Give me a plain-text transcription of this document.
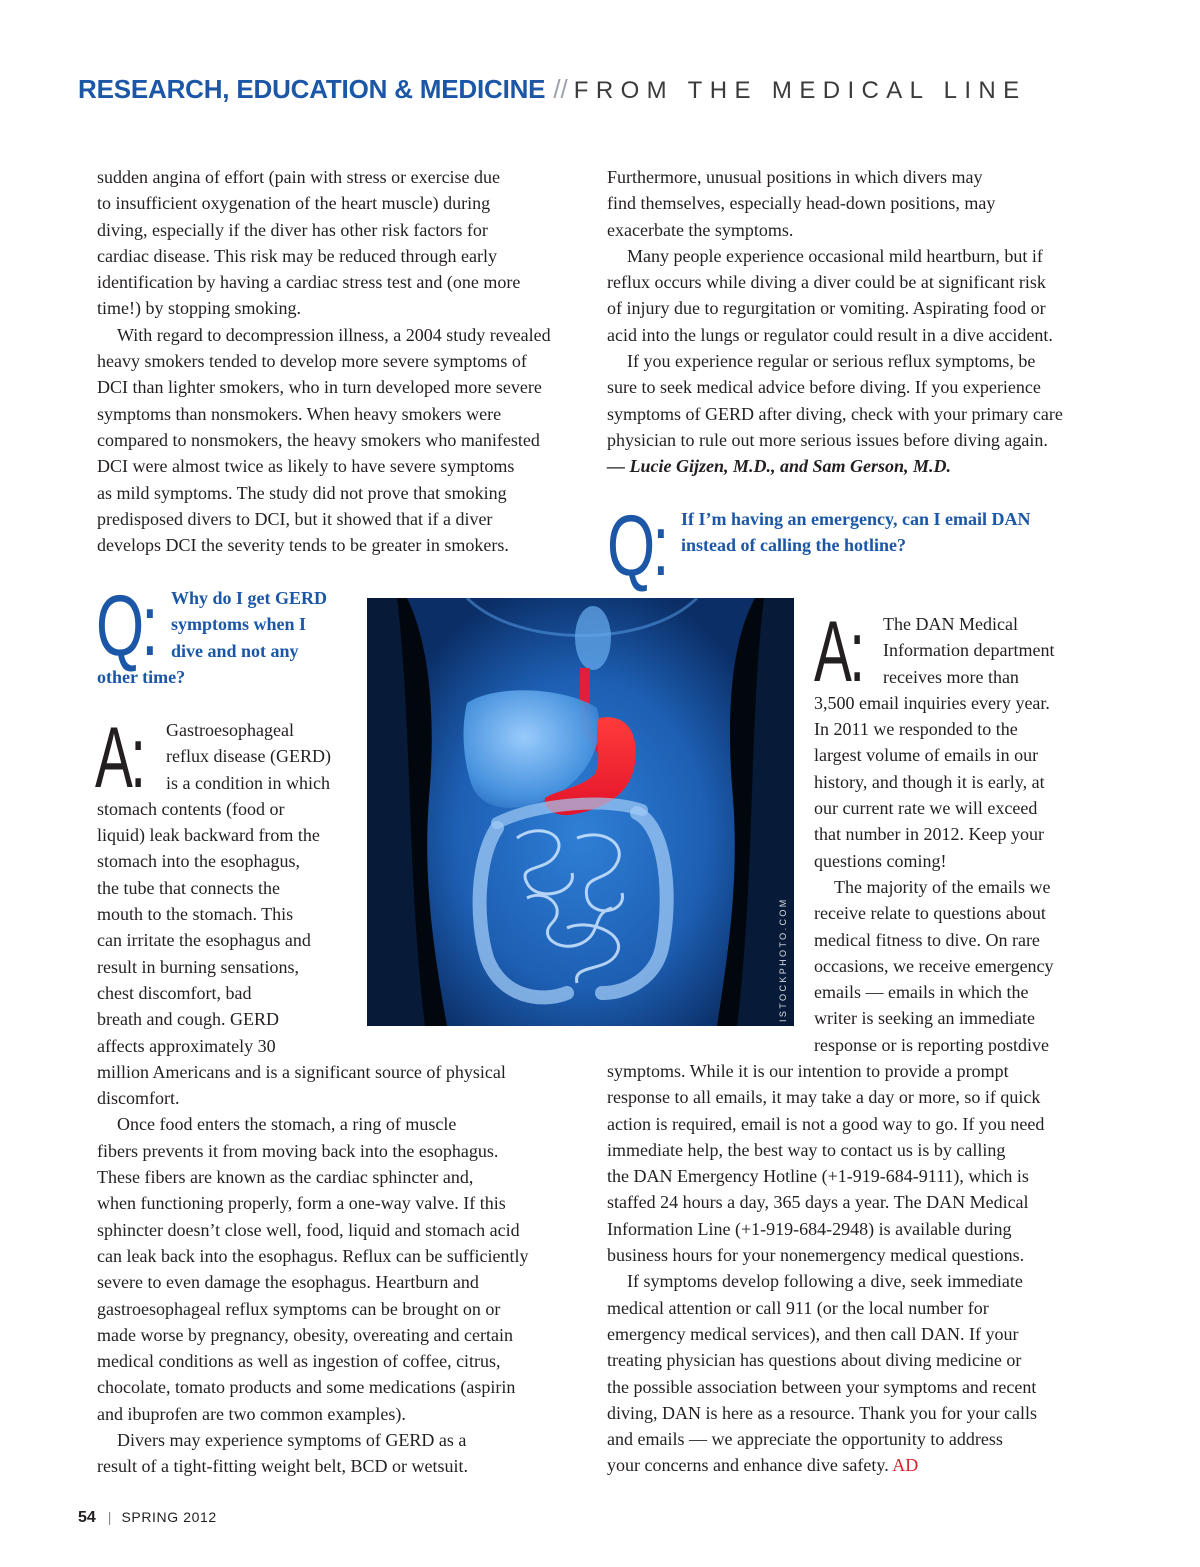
RESEARCH, EDUCATION & MEDICINE // FROM THE MEDICAL LINE
sudden angina of effort (pain with stress or exercise due
to insufficient oxygenation of the heart muscle) during
diving, especially if the diver has other risk factors for
cardiac disease. This risk may be reduced through early
identification by having a cardiac stress test and (one more
time!) by stopping smoking.
With regard to decompression illness, a 2004 study revealed
heavy smokers tended to develop more severe symptoms of
DCI than lighter smokers, who in turn developed more severe
symptoms than nonsmokers. When heavy smokers were
compared to nonsmokers, the heavy smokers who manifested
DCI were almost twice as likely to have severe symptoms
as mild symptoms. The study did not prove that smoking
predisposed divers to DCI, but it showed that if a diver
develops DCI the severity tends to be greater in smokers.
Q: Why do I get GERD
symptoms when I
dive and not any
other time?
A:	Gastroesophageal
reflux disease (GERD)
is a condition in which
stomach contents (food or
liquid) leak backward from the
stomach into the esophagus,
the tube that connects the
mouth to the stomach. This
can irritate the esophagus and
result in burning sensations,
chest discomfort, bad
breath and cough. GERD
affects approximately 30
million Americans and is a significant source of physical
discomfort.
Once food enters the stomach, a ring of muscle
fibers prevents it from moving back into the esophagus.
These fibers are known as the cardiac sphincter and,
when functioning properly, form a one-way valve. If this
sphincter doesn’t close well, food, liquid and stomach acid
can leak back into the esophagus. Reflux can be sufficiently
severe to even damage the esophagus. Heartburn and
gastroesophageal reflux symptoms can be brought on or
made worse by pregnancy, obesity, overeating and certain
medical conditions as well as ingestion of coffee, citrus,
chocolate, tomato products and some medications (aspirin
and ibuprofen are two common examples).
Divers may experience symptoms of GERD as a
result of a tight-fitting weight belt, BCD or wetsuit.
Furthermore, unusual positions in which divers may
find themselves, especially head-down positions, may
exacerbate the symptoms.
Many people experience occasional mild heartburn, but if
reflux occurs while diving a diver could be at significant risk
of injury due to regurgitation or vomiting. Aspirating food or
acid into the lungs or regulator could result in a dive accident.
If you experience regular or serious reflux symptoms, be
sure to seek medical advice before diving. If you experience
symptoms of GERD after diving, check with your primary care
physician to rule out more serious issues before diving again.
— Lucie Gijzen, M.D., and Sam Gerson, M.D.
Q: If I’m having an emergency, can I email DAN
instead of calling the hotline?
A:	The DAN Medical
Information department
receives more than
3,500 email inquiries every year.
In 2011 we responded to the
largest volume of emails in our
history, and though it is early, at
our current rate we will exceed
that number in 2012. Keep your
questions coming!
The majority of the emails we
receive relate to questions about
medical fitness to dive. On rare
occasions, we receive emergency
emails — emails in which the
writer is seeking an immediate
response or is reporting postdive
symptoms. While it is our intention to provide a prompt
response to all emails, it may take a day or more, so if quick
action is required, email is not a good way to go. If you need
immediate help, the best way to contact us is by calling
the DAN Emergency Hotline (+1-919-684-9111), which is
staffed 24 hours a day, 365 days a year. The DAN Medical
Information Line (+1-919-684-2948) is available during
business hours for your nonemergency medical questions.
If symptoms develop following a dive, seek immediate
medical attention or call 911 (or the local number for
emergency medical services), and then call DAN. If your
treating physician has questions about diving medicine or
the possible association between your symptoms and recent
diving, DAN is here as a resource. Thank you for your calls
and emails — we appreciate the opportunity to address
your concerns and enhance dive safety. AD
ISTOCKPHOTO.COM
54 | SPRING 2012
